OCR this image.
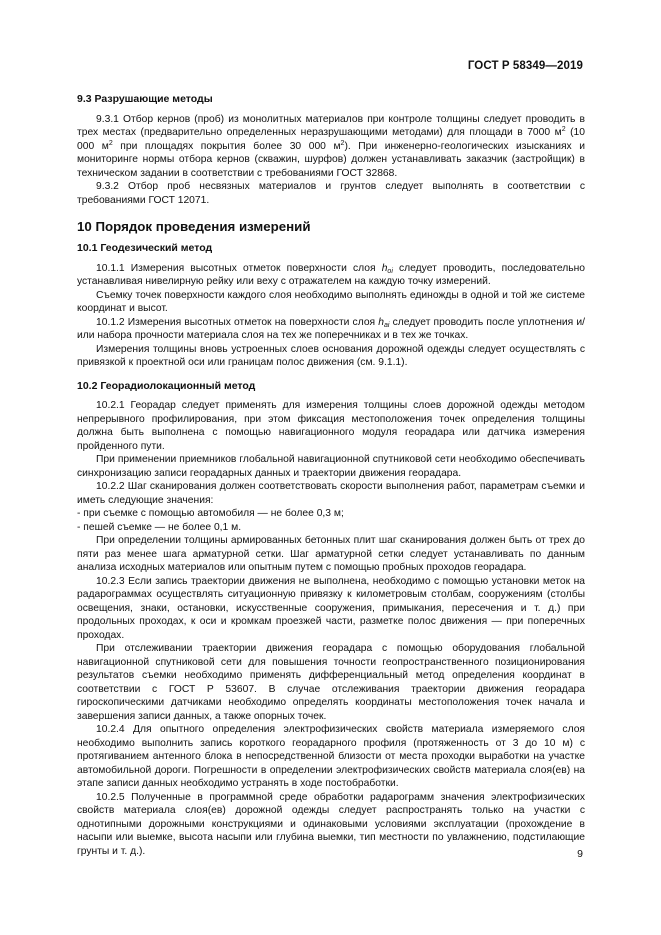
ГОСТ Р 58349—2019
9.3 Разрушающие методы

9.3.1 Отбор кернов (проб) из монолитных материалов при контроле толщины следует проводить в трех местах (предварительно определенных неразрушающими методами) для площади в 7000 $м^2$ (10 000 $м^2$ при площадях покрытия более 30 000 $м^2$). При инженерно-геологических изысканиях и мониторинге нормы отбора кернов (скважин, шурфов) должен устанавливать заказчик (застройщик) в техническом задании в соответствии с требованиями ГОСТ 32868.

9.3.2 Отбор проб несвязных материалов и грунтов следует выполнять в соответствии с требованиями ГОСТ 12071.

10 Порядок проведения измерений
10.1 Геодезический метод

10.1.1 Измерения высотных отметок поверхности слоя $h_{oi}$ следует проводить, последовательно устанавливая нивелирную рейку или веху с отражателем на каждую точку измерений.

Съемку точек поверхности каждого слоя необходимо выполнять единожды в одной и той же системе координат и высот.

10.1.2 Измерения высотных отметок на поверхности слоя $h_{ai}$ следует проводить после уплотнения и/или набора прочности материала слоя на тех же поперечниках и в тех же точках.

Измерения толщины вновь устроенных слоев основания дорожной одежды следует осуществлять с привязкой к проектной оси или границам полос движения (см. 9.1.1).

10.2 Георадиолокационный метод

10.2.1 Георадар следует применять для измерения толщины слоев дорожной одежды методом непрерывного профилирования, при этом фиксация местоположения точек определения толщины должна быть выполнена с помощью навигационного модуля георадара или датчика измерения пройденного пути.

При применении приемников глобальной навигационной спутниковой сети необходимо обеспечивать синхронизацию записи георадарных данных и траектории движения георадара.

10.2.2 Шаг сканирования должен соответствовать скорости выполнения работ, параметрам съемки и иметь следующие значения:

- при съемке с помощью автомобиля — не более 0,3 м;

- пешей съемке — не более 0,1 м.

При определении толщины армированных бетонных плит шаг сканирования должен быть от трех до пяти раз менее шага арматурной сетки. Шаг арматурной сетки следует устанавливать по данным анализа исходных материалов или опытным путем с помощью пробных проходов георадара.

10.2.3 Если запись траектории движения не выполнена, необходимо с помощью установки меток на радарограммах осуществлять ситуационную привязку к километровым столбам, сооружениям (столбы освещения, знаки, остановки, искусственные сооружения, примыкания, пересечения и т. д.) при продольных проходах, к оси и кромкам проезжей части, разметке полос движения — при поперечных проходах.

При отслеживании траектории движения георадара с помощью оборудования глобальной навигационной спутниковой сети для повышения точности геопространственного позиционирования результатов съемки необходимо применять дифференциальный метод определения координат в соответствии с ГОСТ Р 53607. В случае отслеживания траектории движения георадара гироскопическими датчиками необходимо определять координаты местоположения точек начала и завершения записи данных, а также опорных точек.

10.2.4 Для опытного определения электрофизических свойств материала измеряемого слоя необходимо выполнить запись короткого георадарного профиля (протяженность от 3 до 10 м) с протягиванием антенного блока в непосредственной близости от места проходки выработки на участке автомобильной дороги. Погрешности в определении электрофизических свойств материала слоя(ев) на этапе записи данных необходимо устранять в ходе постобработки.

10.2.5 Полученные в программной среде обработки радарограмм значения электрофизических свойств материала слоя(ев) дорожной одежды следует распространять только на участки с однотипными дорожными конструкциями и одинаковыми условиями эксплуатации (прохождение в насыпи или выемке, высота насыпи или глубина выемки, тип местности по увлажнению, подстилающие грунты и т. д.).	9
